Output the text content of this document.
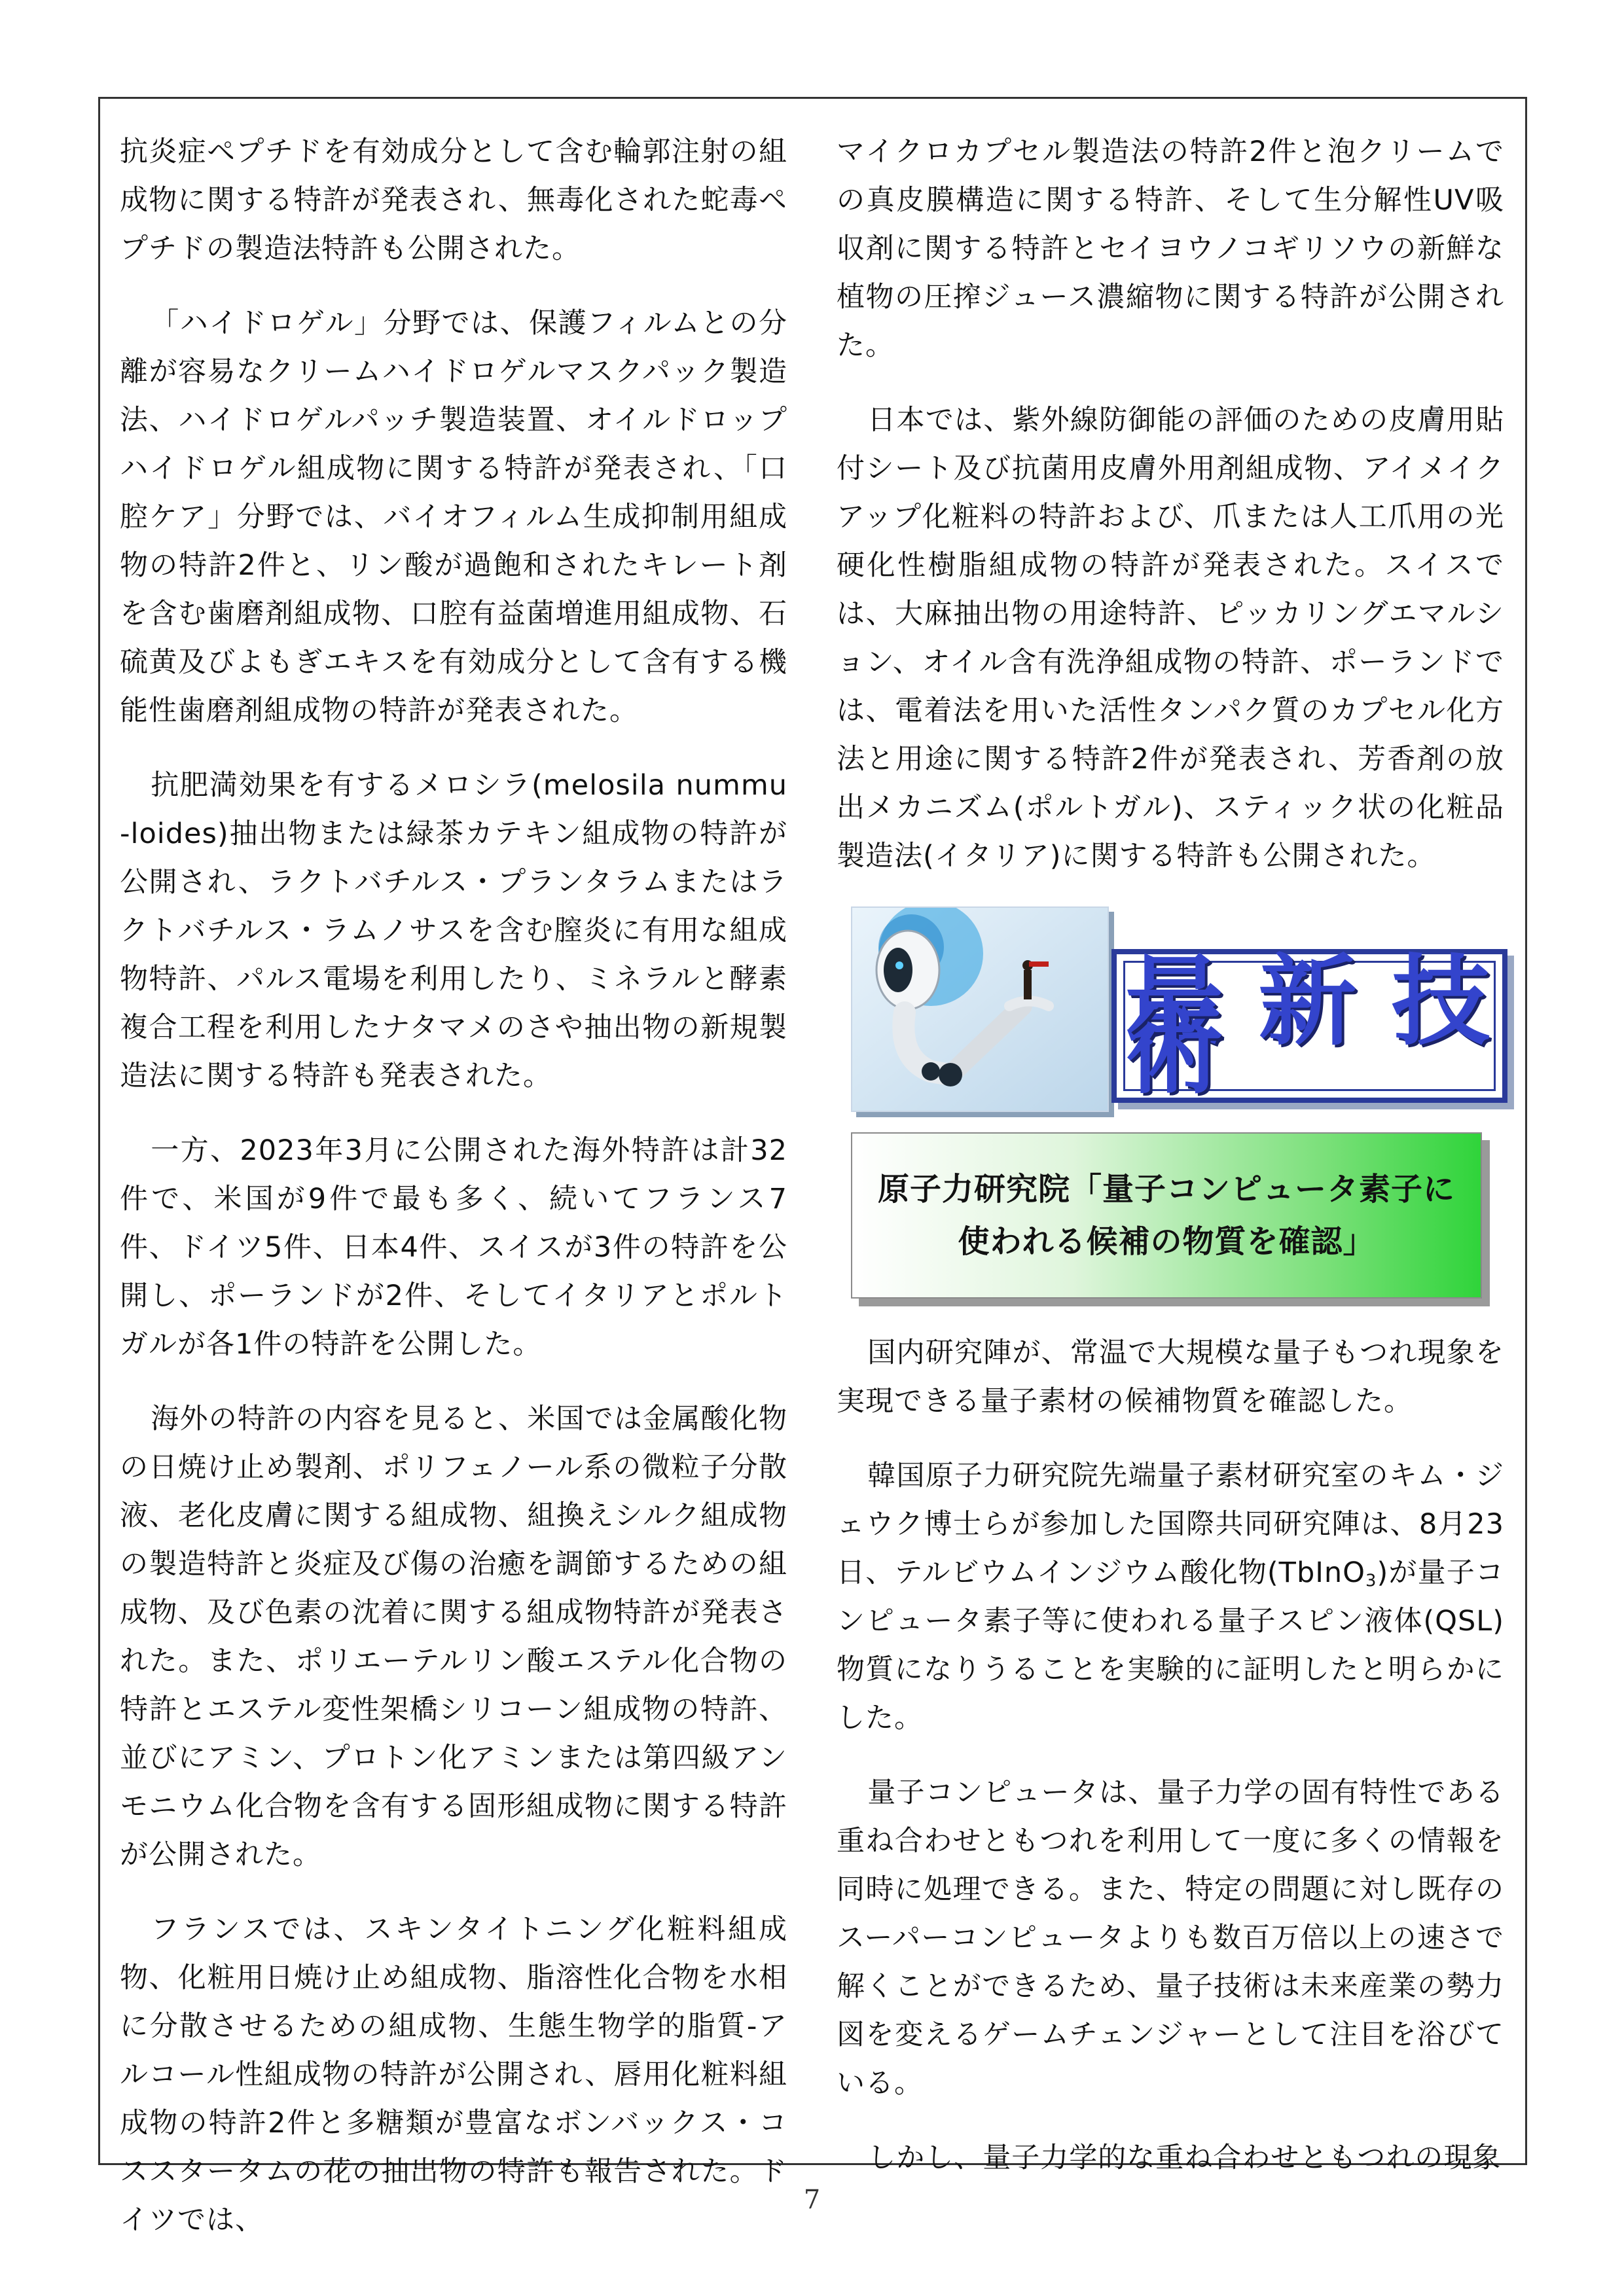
抗炎症ペプチドを有効成分として含む輪郭注射の組成物に関する特許が発表され、無毒化された蛇毒ペプチドの製造法特許も公開された。

「ハイドロゲル」分野では、保護フィルムとの分離が容易なクリームハイドロゲルマスクパック製造法、ハイドロゲルパッチ製造装置、オイルドロップハイドロゲル組成物に関する特許が発表され、「口腔ケア」分野では、バイオフィルム生成抑制用組成物の特許2件と、リン酸が過飽和されたキレート剤を含む歯磨剤組成物、口腔有益菌増進用組成物、石硫黄及びよもぎエキスを有効成分として含有する機能性歯磨剤組成物の特許が発表された。

抗肥満効果を有するメロシラ(melosila nummu-loides)抽出物または緑茶カテキン組成物の特許が公開され、ラクトバチルス・プランタラムまたはラクトバチルス・ラムノサスを含む膣炎に有用な組成物特許、パルス電場を利用したり、ミネラルと酵素複合工程を利用したナタマメのさや抽出物の新規製造法に関する特許も発表された。

一方、2023年3月に公開された海外特許は計32件で、米国が9件で最も多く、続いてフランス7件、ドイツ5件、日本4件、スイスが3件の特許を公開し、ポーランドが2件、そしてイタリアとポルトガルが各1件の特許を公開した。

海外の特許の内容を見ると、米国では金属酸化物の日焼け止め製剤、ポリフェノール系の微粒子分散液、老化皮膚に関する組成物、組換えシルク組成物の製造特許と炎症及び傷の治癒を調節するための組成物、及び色素の沈着に関する組成物特許が発表された。また、ポリエーテルリン酸エステル化合物の特許とエステル変性架橋シリコーン組成物の特許、並びにアミン、プロトン化アミンまたは第四級アンモニウム化合物を含有する固形組成物に関する特許が公開された。

フランスでは、スキンタイトニング化粧料組成物、化粧用日焼け止め組成物、脂溶性化合物を水相に分散させるための組成物、生態生物学的脂質-アルコール性組成物の特許が公開され、唇用化粧料組成物の特許2件と多糖類が豊富なボンバックス・コススタータムの花の抽出物の特許も報告された。ドイツでは、

マイクロカプセル製造法の特許2件と泡クリームでの真皮膜構造に関する特許、そして生分解性UV吸収剤に関する特許とセイヨウノコギリソウの新鮮な植物の圧搾ジュース濃縮物に関する特許が公開された。

日本では、紫外線防御能の評価のための皮膚用貼付シート及び抗菌用皮膚外用剤組成物、アイメイクアップ化粧料の特許および、爪または人工爪用の光硬化性樹脂組成物の特許が発表された。スイスでは、大麻抽出物の用途特許、ピッカリングエマルション、オイル含有洗浄組成物の特許、ポーランドでは、電着法を用いた活性タンパク質のカプセル化方法と用途に関する特許2件が発表され、芳香剤の放出メカニズム(ポルトガル)、スティック状の化粧品製造法(イタリア)に関する特許も公開された。

最新技術
原子力研究院「量子コンピュータ素子に
使われる候補の物質を確認」

国内研究陣が、常温で大規模な量子もつれ現象を実現できる量子素材の候補物質を確認した。

韓国原子力研究院先端量子素材研究室のキム・ジェウク博士らが参加した国際共同研究陣は、8月23日、テルビウムインジウム酸化物(TbInO$_3$)が量子コンピュータ素子等に使われる量子スピン液体(QSL)物質になりうることを実験的に証明したと明らかにした。

量子コンピュータは、量子力学の固有特性である重ね合わせともつれを利用して一度に多くの情報を同時に処理できる。また、特定の問題に対し既存のスーパーコンピュータよりも数百万倍以上の速さで解くことができるため、量子技術は未来産業の勢力図を変えるゲームチェンジャーとして注目を浴びている。

しかし、量子力学的な重ね合わせともつれの現象

7
